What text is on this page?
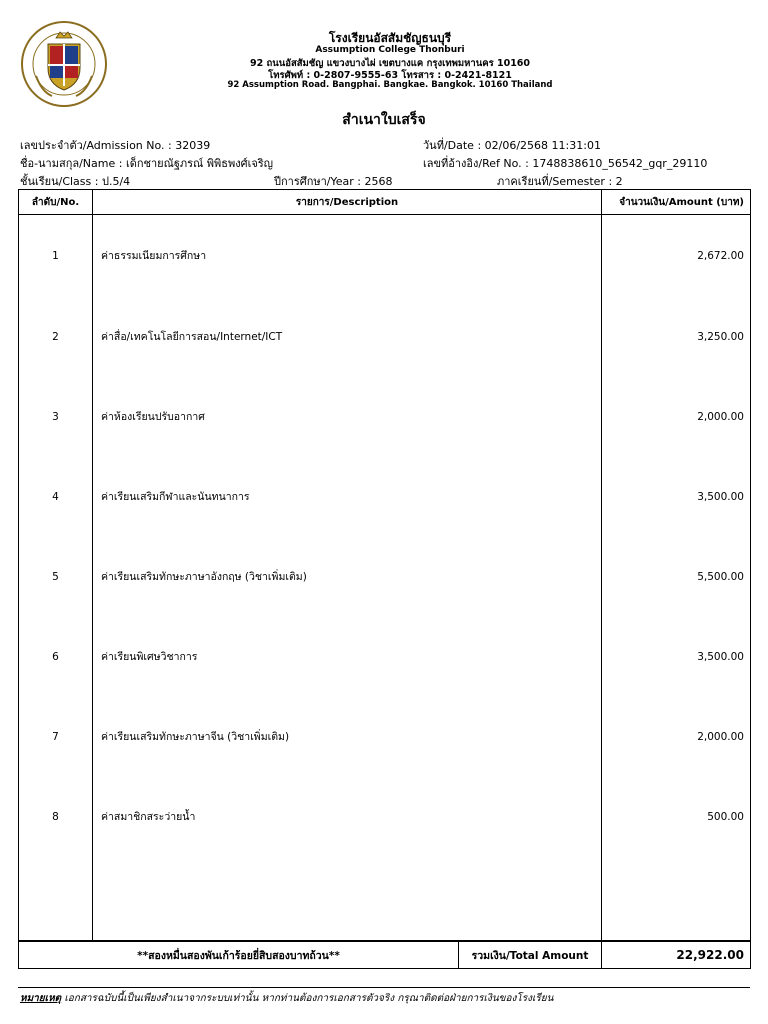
โรงเรียนอัสสัมชัญธนบุรี
Assumption College Thonburi
92 ถนนอัสสัมชัญ แขวงบางไผ่ เขตบางแค กรุงเทพมหานคร 10160
โทรศัพท์ : 0-2807-9555-63 โทรสาร : 0-2421-8121
92 Assumption Road. Bangphai. Bangkae. Bangkok. 10160 Thailand
สำเนาใบเสร็จ
เลขประจำตัว/Admission No. : 32039	วันที่/Date : 02/06/2568 11:31:01
ชื่อ-นามสกุล/Name : เด็กชายณัฐภรณ์ พิพิธพงศ์เจริญ	เลขที่อ้างอิง/Ref No. : 1748838610_56542_gqr_29110
ชั้นเรียน/Class : ป.5/4	ปีการศึกษา/Year : 2568	ภาคเรียนที่/Semester : 2
ลำดับ/No.	รายการ/Description		จำนวนเงิน/Amount (บาท)
1	ค่าธรรมเนียมการศึกษา		2,672.00
2	ค่าสื่อ/เทคโนโลยีการสอน/Internet/ICT		3,250.00
3	ค่าห้องเรียนปรับอากาศ		2,000.00
4	ค่าเรียนเสริมกีฬาและนันทนาการ		3,500.00
5	ค่าเรียนเสริมทักษะภาษาอังกฤษ (วิชาเพิ่มเติม)		5,500.00
6	ค่าเรียนพิเศษวิชาการ		3,500.00
7	ค่าเรียนเสริมทักษะภาษาจีน (วิชาเพิ่มเติม)		2,000.00
8	ค่าสมาชิกสระว่ายน้ำ		500.00

**สองหมื่นสองพันเก้าร้อยยี่สิบสองบาทถ้วน**		รวมเงิน/Total Amount	22,922.00
หมายเหตุ เอกสารฉบับนี้เป็นเพียงสำเนาจากระบบเท่านั้น หากท่านต้องการเอกสารตัวจริง กรุณาติดต่อฝ่ายการเงินของโรงเรียน
